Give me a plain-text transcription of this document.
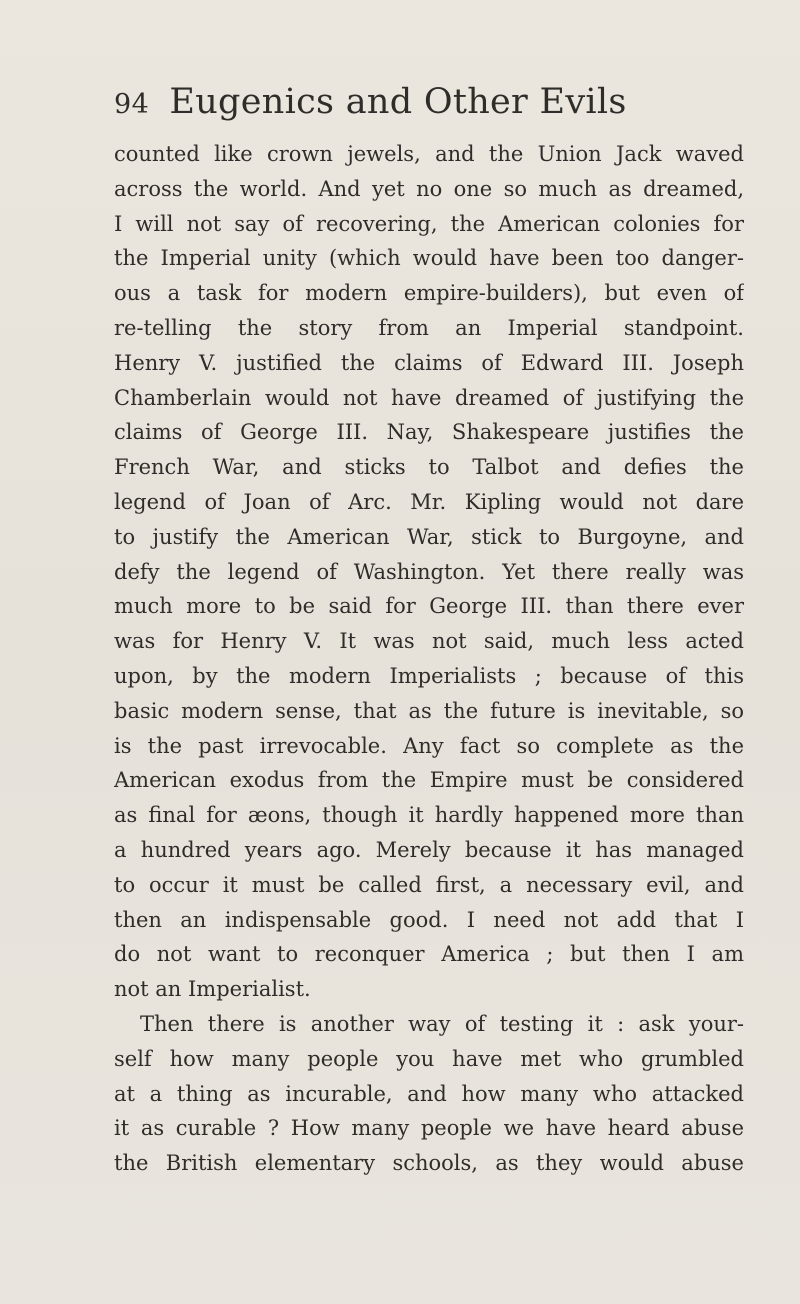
94 Eugenics and Other Evils
counted like crown jewels, and the Union Jack waved
across the world. And yet no one so much as dreamed,
I will not say of recovering, the American colonies for
the Imperial unity (which would have been too danger-
ous a task for modern empire-builders), but even of
re-telling the story from an Imperial standpoint.
Henry V. justified the claims of Edward III. Joseph
Chamberlain would not have dreamed of justifying the
claims of George III. Nay, Shakespeare justifies the
French War, and sticks to Talbot and defies the
legend of Joan of Arc. Mr. Kipling would not dare
to justify the American War, stick to Burgoyne, and
defy the legend of Washington. Yet there really was
much more to be said for George III. than there ever
was for Henry V. It was not said, much less acted
upon, by the modern Imperialists ; because of this
basic modern sense, that as the future is inevitable, so
is the past irrevocable. Any fact so complete as the
American exodus from the Empire must be considered
as final for æons, though it hardly happened more than
a hundred years ago. Merely because it has managed
to occur it must be called first, a necessary evil, and
then an indispensable good. I need not add that I
do not want to reconquer America ; but then I am
not an Imperialist.
Then there is another way of testing it : ask your-
self how many people you have met who grumbled
at a thing as incurable, and how many who attacked
it as curable ? How many people we have heard abuse
the British elementary schools, as they would abuse
